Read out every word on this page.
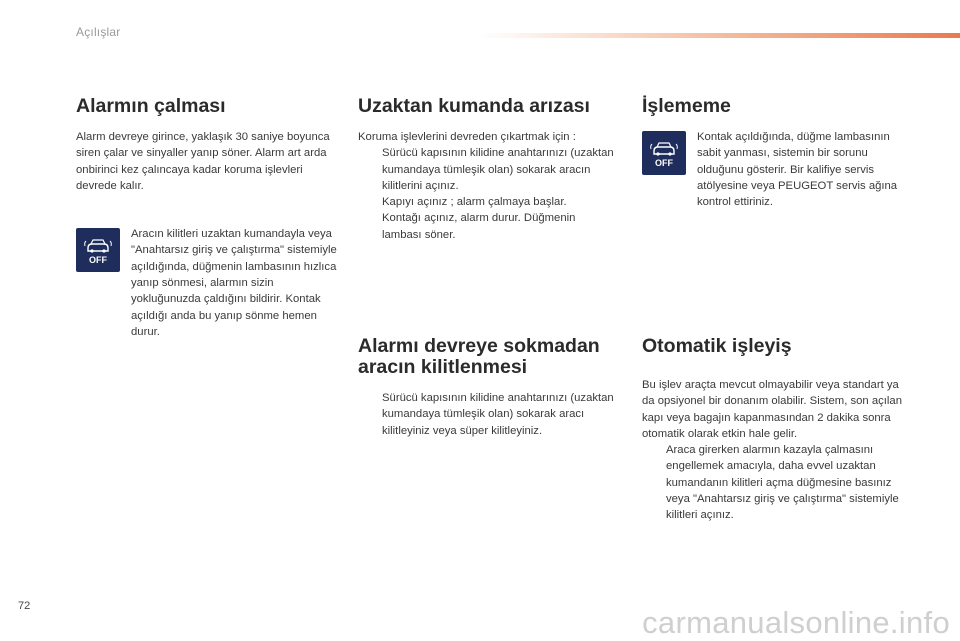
Açılışlar
Alarmın çalması

Alarm devreye girince, yaklaşık 30 saniye boyunca siren çalar ve sinyaller yanıp söner. Alarm art arda onbirinci kez çalıncaya kadar koruma işlevleri devrede kalır.

OFF

Aracın kilitleri uzaktan kumandayla veya "Anahtarsız giriş ve çalıştırma" sistemiyle açıldığında, düğmenin lambasının hızlıca yanıp sönmesi, alarmın sizin yokluğunuzda çaldığını bildirir. Kontak açıldığı anda bu yanıp sönme hemen durur.

Uzaktan kumanda arızası

Koruma işlevlerini devreden çıkartmak için :

Sürücü kapısının kilidine anahtarınızı (uzaktan kumandaya tümleşik olan) sokarak aracın kilitlerini açınız.
Kapıyı açınız ; alarm çalmaya başlar.
Kontağı açınız, alarm durur. Düğmenin lambası söner.
Alarmı devreye sokmadan aracın kilitlenmesi
Sürücü kapısının kilidine anahtarınızı (uzaktan kumandaya tümleşik olan) sokarak aracı kilitleyiniz veya süper kilitleyiniz.
İşlememe
OFF

Kontak açıldığında, düğme lambasının sabit yanması, sistemin bir sorunu olduğunu gösterir. Bir kalifiye servis atölyesine veya PEUGEOT servis ağına kontrol ettiriniz.

Otomatik işleyiş

Bu işlev araçta mevcut olmayabilir veya standart ya da opsiyonel bir donanım olabilir. Sistem, son açılan kapı veya bagajın kapanmasından 2 dakika sonra otomatik olarak etkin hale gelir.

Araca girerken alarmın kazayla çalmasını engellemek amacıyla, daha evvel uzaktan kumandanın kilitleri açma düğmesine basınız veya "Anahtarsız giriş ve çalıştırma" sistemiyle kilitleri açınız.
72	carmanualsonline.info
